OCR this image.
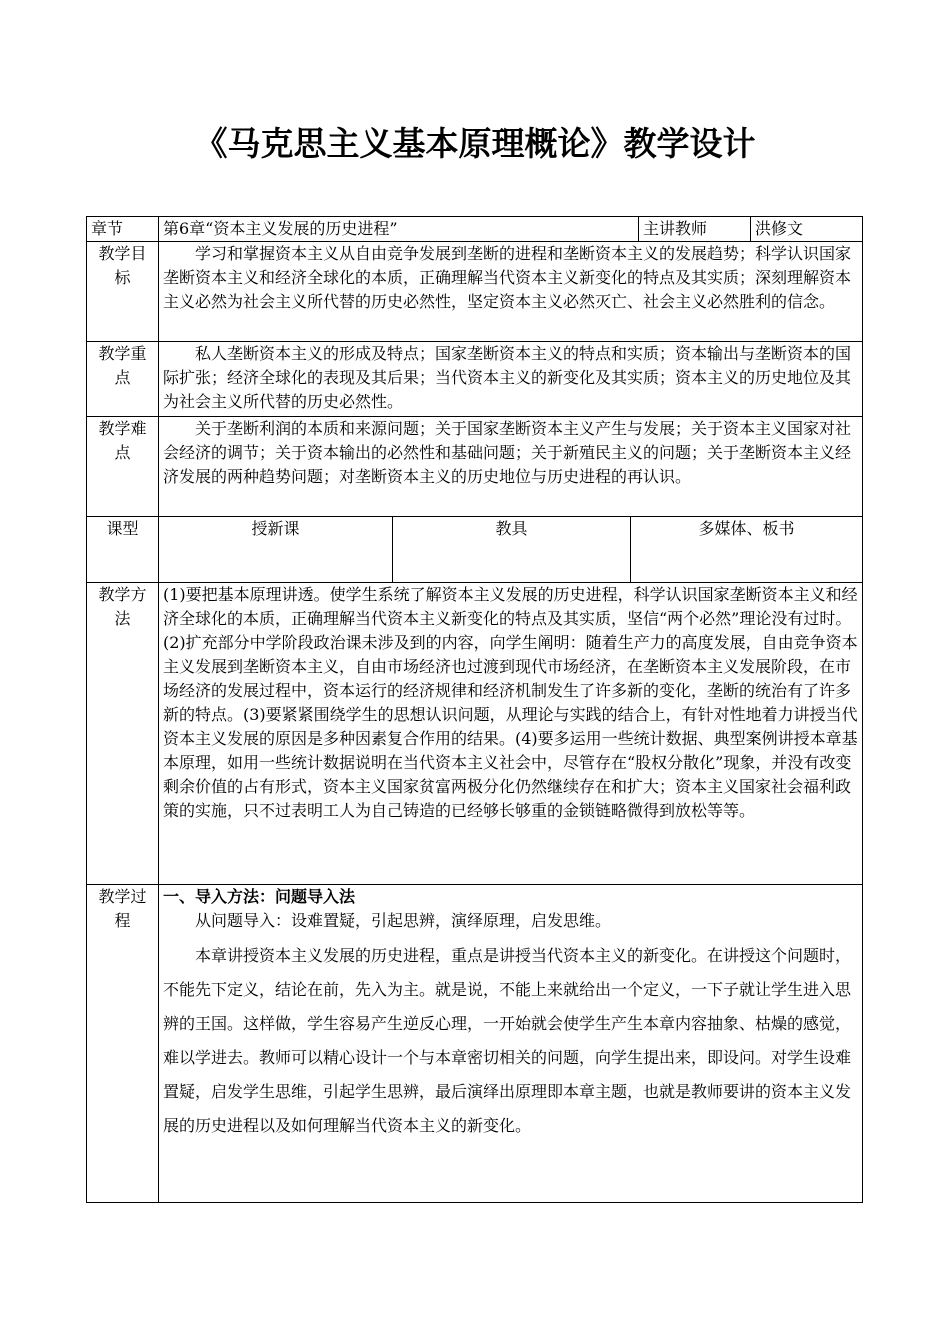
《马克思主义基本原理概论》教学设计
章节	第6章“资本主义发展的历史进程”			主讲教师	洪修文
教学目标	学习和掌握资本主义从自由竞争发展到垄断的进程和垄断资本主义的发展趋势；科学认识国家垄断资本主义和经济全球化的本质，正确理解当代资本主义新变化的特点及其实质；深刻理解资本主义必然为社会主义所代替的历史必然性，坚定资本主义必然灭亡、社会主义必然胜利的信念。				
教学重点	私人垄断资本主义的形成及特点；国家垄断资本主义的特点和实质；资本输出与垄断资本的国际扩张；经济全球化的表现及其后果；当代资本主义的新变化及其实质；资本主义的历史地位及其为社会主义所代替的历史必然性。				
教学难点	关于垄断利润的本质和来源问题；关于国家垄断资本主义产生与发展；关于资本主义国家对社会经济的调节；关于资本输出的必然性和基础问题；关于新殖民主义的问题；关于垄断资本主义经济发展的两种趋势问题；对垄断资本主义的历史地位与历史进程的再认识。				
课型	授新课	教具	多媒体、板书		
教学方法	(1)要把基本原理讲透。使学生系统了解资本主义发展的历史进程，科学认识国家垄断资本主义和经济全球化的本质，正确理解当代资本主义新变化的特点及其实质，坚信“两个必然”理论没有过时。(2)扩充部分中学阶段政治课未涉及到的内容，向学生阐明：随着生产力的高度发展，自由竞争资本主义发展到垄断资本主义，自由市场经济也过渡到现代市场经济，在垄断资本主义发展阶段，在市场经济的发展过程中，资本运行的经济规律和经济机制发生了许多新的变化，垄断的统治有了许多新的特点。(3)要紧紧围绕学生的思想认识问题，从理论与实践的结合上，有针对性地着力讲授当代资本主义发展的原因是多种因素复合作用的结果。(4)要多运用一些统计数据、典型案例讲授本章基本原理，如用一些统计数据说明在当代资本主义社会中，尽管存在“股权分散化”现象，并没有改变剩余价值的占有形式，资本主义国家贫富两极分化仍然继续存在和扩大；资本主义国家社会福利政策的实施，只不过表明工人为自己铸造的已经够长够重的金锁链略微得到放松等等。				
教学过程	一、导入方法：问题导入法
从问题导入：设难置疑，引起思辨，演绎原理，启发思维。
本章讲授资本主义发展的历史进程，重点是讲授当代资本主义的新变化。在讲授这个问题时，不能先下定义，结论在前，先入为主。就是说，不能上来就给出一个定义，一下子就让学生进入思辨的王国。这样做，学生容易产生逆反心理，一开始就会使学生产生本章内容抽象、枯燥的感觉，难以学进去。教师可以精心设计一个与本章密切相关的问题，向学生提出来，即设问。对学生设难置疑，启发学生思维，引起学生思辨，最后演绎出原理即本章主题，也就是教师要讲的资本主义发展的历史进程以及如何理解当代资本主义的新变化。				
